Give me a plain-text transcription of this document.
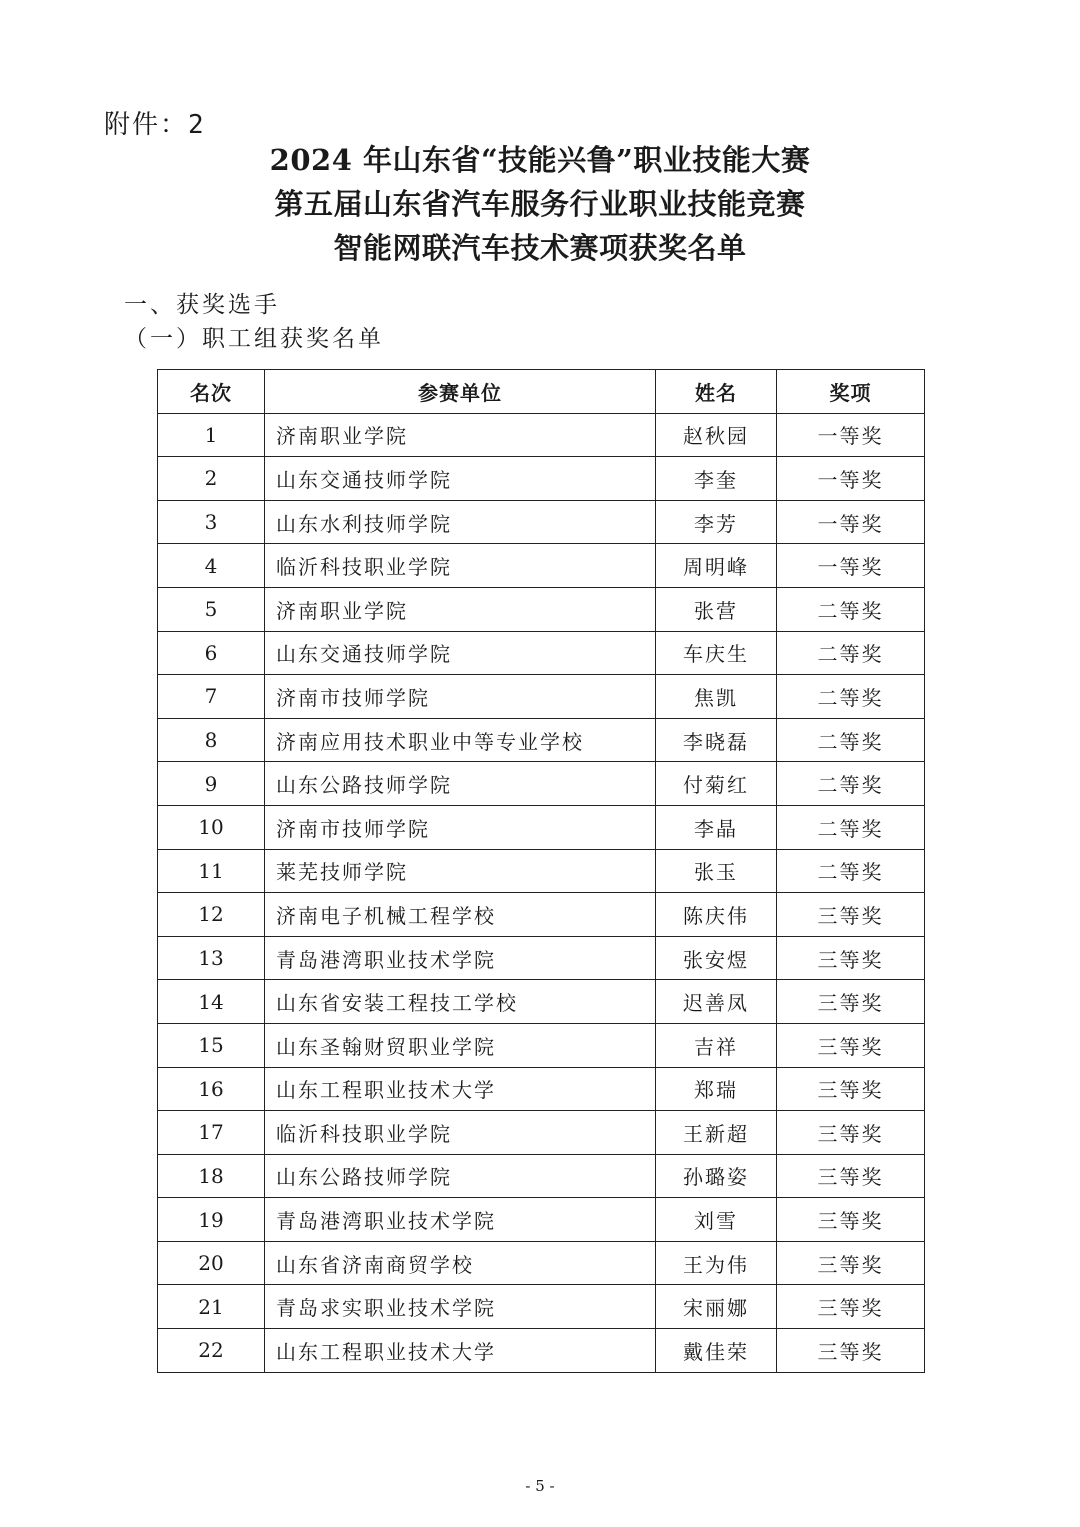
附件：2
2024 年山东省“技能兴鲁”职业技能大赛
第五届山东省汽车服务行业职业技能竞赛
智能网联汽车技术赛项获奖名单
一、获奖选手
（一）职工组获奖名单
名次	参赛单位	姓名	奖项
1	济南职业学院	赵秋园	一等奖
2	山东交通技师学院	李奎	一等奖
3	山东水利技师学院	李芳	一等奖
4	临沂科技职业学院	周明峰	一等奖
5	济南职业学院	张营	二等奖
6	山东交通技师学院	车庆生	二等奖
7	济南市技师学院	焦凯	二等奖
8	济南应用技术职业中等专业学校	李晓磊	二等奖
9	山东公路技师学院	付菊红	二等奖
10	济南市技师学院	李晶	二等奖
11	莱芜技师学院	张玉	二等奖
12	济南电子机械工程学校	陈庆伟	三等奖
13	青岛港湾职业技术学院	张安煜	三等奖
14	山东省安装工程技工学校	迟善凤	三等奖
15	山东圣翰财贸职业学院	吉祥	三等奖
16	山东工程职业技术大学	郑瑞	三等奖
17	临沂科技职业学院	王新超	三等奖
18	山东公路技师学院	孙璐姿	三等奖
19	青岛港湾职业技术学院	刘雪	三等奖
20	山东省济南商贸学校	王为伟	三等奖
21	青岛求实职业技术学院	宋丽娜	三等奖
22	山东工程职业技术大学	戴佳荣	三等奖
- 5 -
